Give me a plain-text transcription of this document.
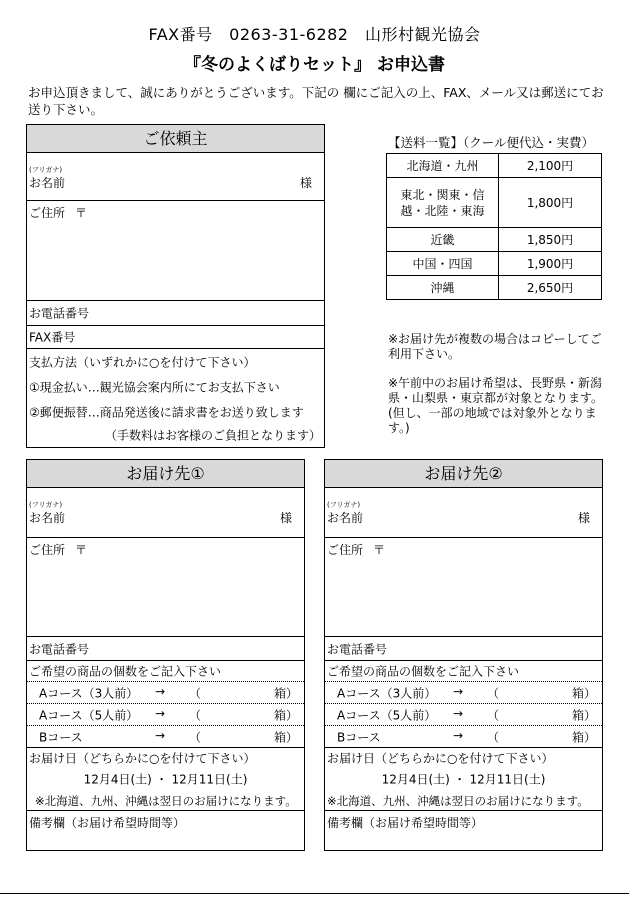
FAX番号　0263-31-6282　山形村観光協会
『冬のよくばりセット』 お申込書
お申込頂きまして、誠にありがとうございます。下記の 欄にご記入の上、FAX、メール又は郵送にてお送り下さい。
ご依頼主
(フリガナ)
お名前	様
ご住所 〒
お電話番号
FAX番号
支払方法（いずれかに○を付けて下さい）
①現金払い…観光協会案内所にてお支払下さい
②郵便振替…商品発送後に請求書をお送り致します
（手数料はお客様のご負担となります）
【送料一覧】（クール便代込・実費）
北海道・九州	2,100円
東北・関東・信越・北陸・東海	1,800円
近畿	1,850円
中国・四国	1,900円
沖縄	2,650円
※お届け先が複数の場合はコピーしてご利用下さい。
※午前中のお届け希望は、長野県・新潟県・山梨県・東京都が対象となります。(但し、一部の地域では対象外となります。)
お届け先①
(フリガナ)
お名前	様
ご住所 〒
お電話番号
ご希望の商品の個数をご記入下さい
Aコース（3人前） → （	箱）
Aコース（5人前） → （	箱）
Bコース	→ （	箱）
お届け日（どちらかに○を付けて下さい）
12月4日(土) ・ 12月11日(土)
※北海道、九州、沖縄は翌日のお届けになります。
備考欄（お届け希望時間等）
お届け先②
(フリガナ)
お名前	様
ご住所 〒
お電話番号
ご希望の商品の個数をご記入下さい
Aコース（3人前） → （	箱）
Aコース（5人前） → （	箱）
Bコース	→ （	箱）
お届け日（どちらかに○を付けて下さい）
12月4日(土) ・ 12月11日(土)
※北海道、九州、沖縄は翌日のお届けになります。
備考欄（お届け希望時間等）
